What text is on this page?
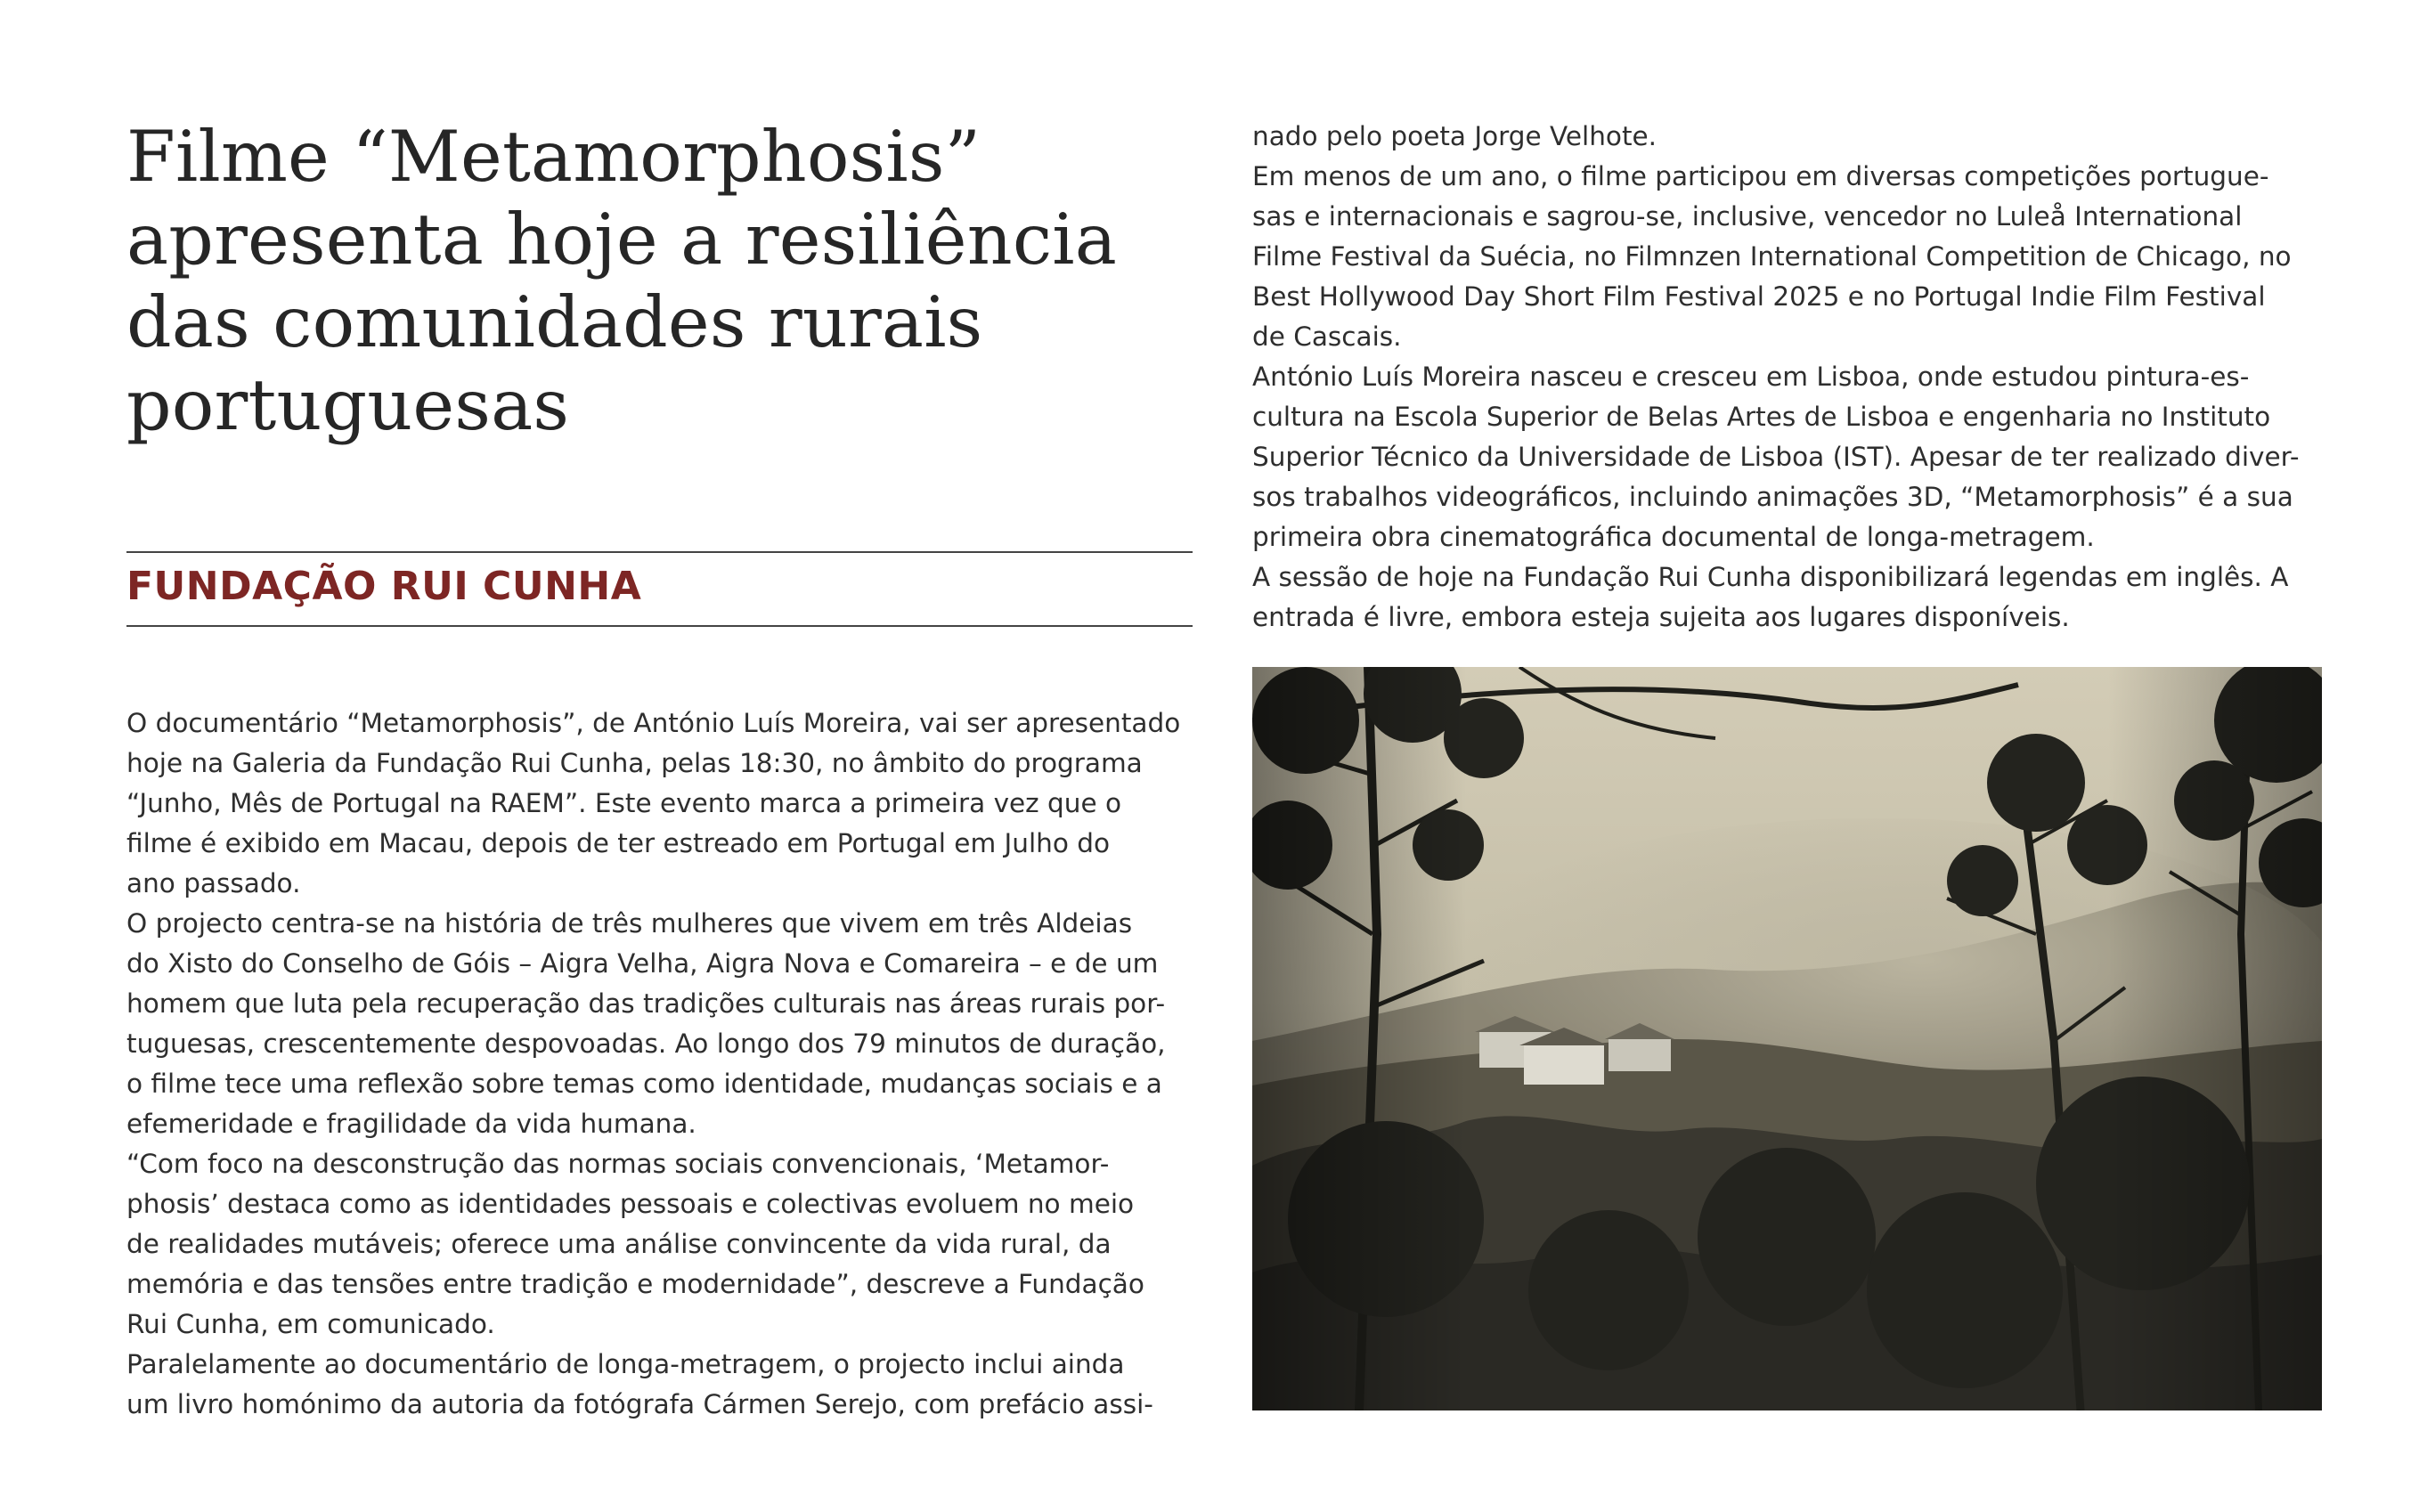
Filme “Metamorphosis”
apresenta hoje a resiliência
das comunidades rurais
portuguesas
FUNDAÇÃO RUI CUNHA

O documentário “Metamorphosis”, de António Luís Moreira, vai ser apresentado
hoje na Galeria da Fundação Rui Cunha, pelas 18:30, no âmbito do programa
“Junho, Mês de Portugal na RAEM”. Este evento marca a primeira vez que o
filme é exibido em Macau, depois de ter estreado em Portugal em Julho do
ano passado.

O projecto centra-se na história de três mulheres que vivem em três Aldeias
do Xisto do Conselho de Góis – Aigra Velha, Aigra Nova e Comareira – e de um
homem que luta pela recuperação das tradições culturais nas áreas rurais por-
tuguesas, crescentemente despovoadas. Ao longo dos 79 minutos de duração,
o filme tece uma reflexão sobre temas como identidade, mudanças sociais e a
efemeridade e fragilidade da vida humana.

“Com foco na desconstrução das normas sociais convencionais, ‘Metamor-
phosis’ destaca como as identidades pessoais e colectivas evoluem no meio
de realidades mutáveis; oferece uma análise convincente da vida rural, da
memória e das tensões entre tradição e modernidade”, descreve a Fundação
Rui Cunha, em comunicado.

Paralelamente ao documentário de longa-metragem, o projecto inclui ainda
um livro homónimo da autoria da fotógrafa Cármen Serejo, com prefácio assi-

nado pelo poeta Jorge Velhote.

Em menos de um ano, o filme participou em diversas competições portugue-
sas e internacionais e sagrou-se, inclusive, vencedor no Luleå International
Filme Festival da Suécia, no Filmnzen International Competition de Chicago, no
Best Hollywood Day Short Film Festival 2025 e no Portugal Indie Film Festival
de Cascais.

António Luís Moreira nasceu e cresceu em Lisboa, onde estudou pintura-es-
cultura na Escola Superior de Belas Artes de Lisboa e engenharia no Instituto
Superior Técnico da Universidade de Lisboa (IST). Apesar de ter realizado diver-
sos trabalhos videográficos, incluindo animações 3D, “Metamorphosis” é a sua
primeira obra cinematográfica documental de longa-metragem.

A sessão de hoje na Fundação Rui Cunha disponibilizará legendas em inglês. A
entrada é livre, embora esteja sujeita aos lugares disponíveis.
